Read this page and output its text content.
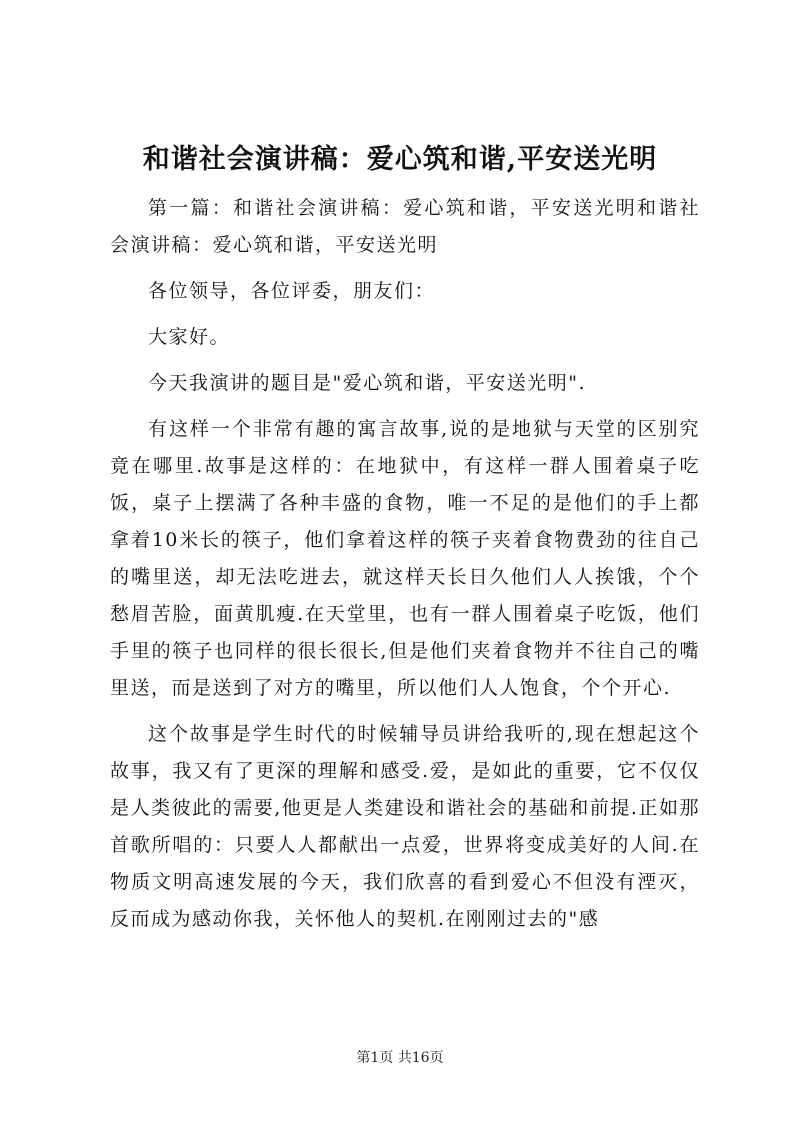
和谐社会演讲稿：爱心筑和谐,平安送光明

第一篇：和谐社会演讲稿：爱心筑和谐，平安送光明和谐社会演讲稿：爱心筑和谐，平安送光明

各位领导，各位评委，朋友们：

大家好。

今天我演讲的题目是"爱心筑和谐，平安送光明".

有这样一个非常有趣的寓言故事,说的是地狱与天堂的区别究竟在哪里.故事是这样的：在地狱中，有这样一群人围着桌子吃饭，桌子上摆满了各种丰盛的食物，唯一不足的是他们的手上都拿着10米长的筷子，他们拿着这样的筷子夹着食物费劲的往自己的嘴里送，却无法吃进去，就这样天长日久他们人人挨饿，个个愁眉苦脸，面黄肌瘦.在天堂里，也有一群人围着桌子吃饭，他们手里的筷子也同样的很长很长,但是他们夹着食物并不往自己的嘴里送，而是送到了对方的嘴里，所以他们人人饱食，个个开心.

这个故事是学生时代的时候辅导员讲给我听的,现在想起这个故事，我又有了更深的理解和感受.爱，是如此的重要，它不仅仅是人类彼此的需要,他更是人类建设和谐社会的基础和前提.正如那首歌所唱的：只要人人都献出一点爱，世界将变成美好的人间.在物质文明高速发展的今天，我们欣喜的看到爱心不但没有湮灭，反而成为感动你我，关怀他人的契机.在刚刚过去的"感

第1页 共16页
